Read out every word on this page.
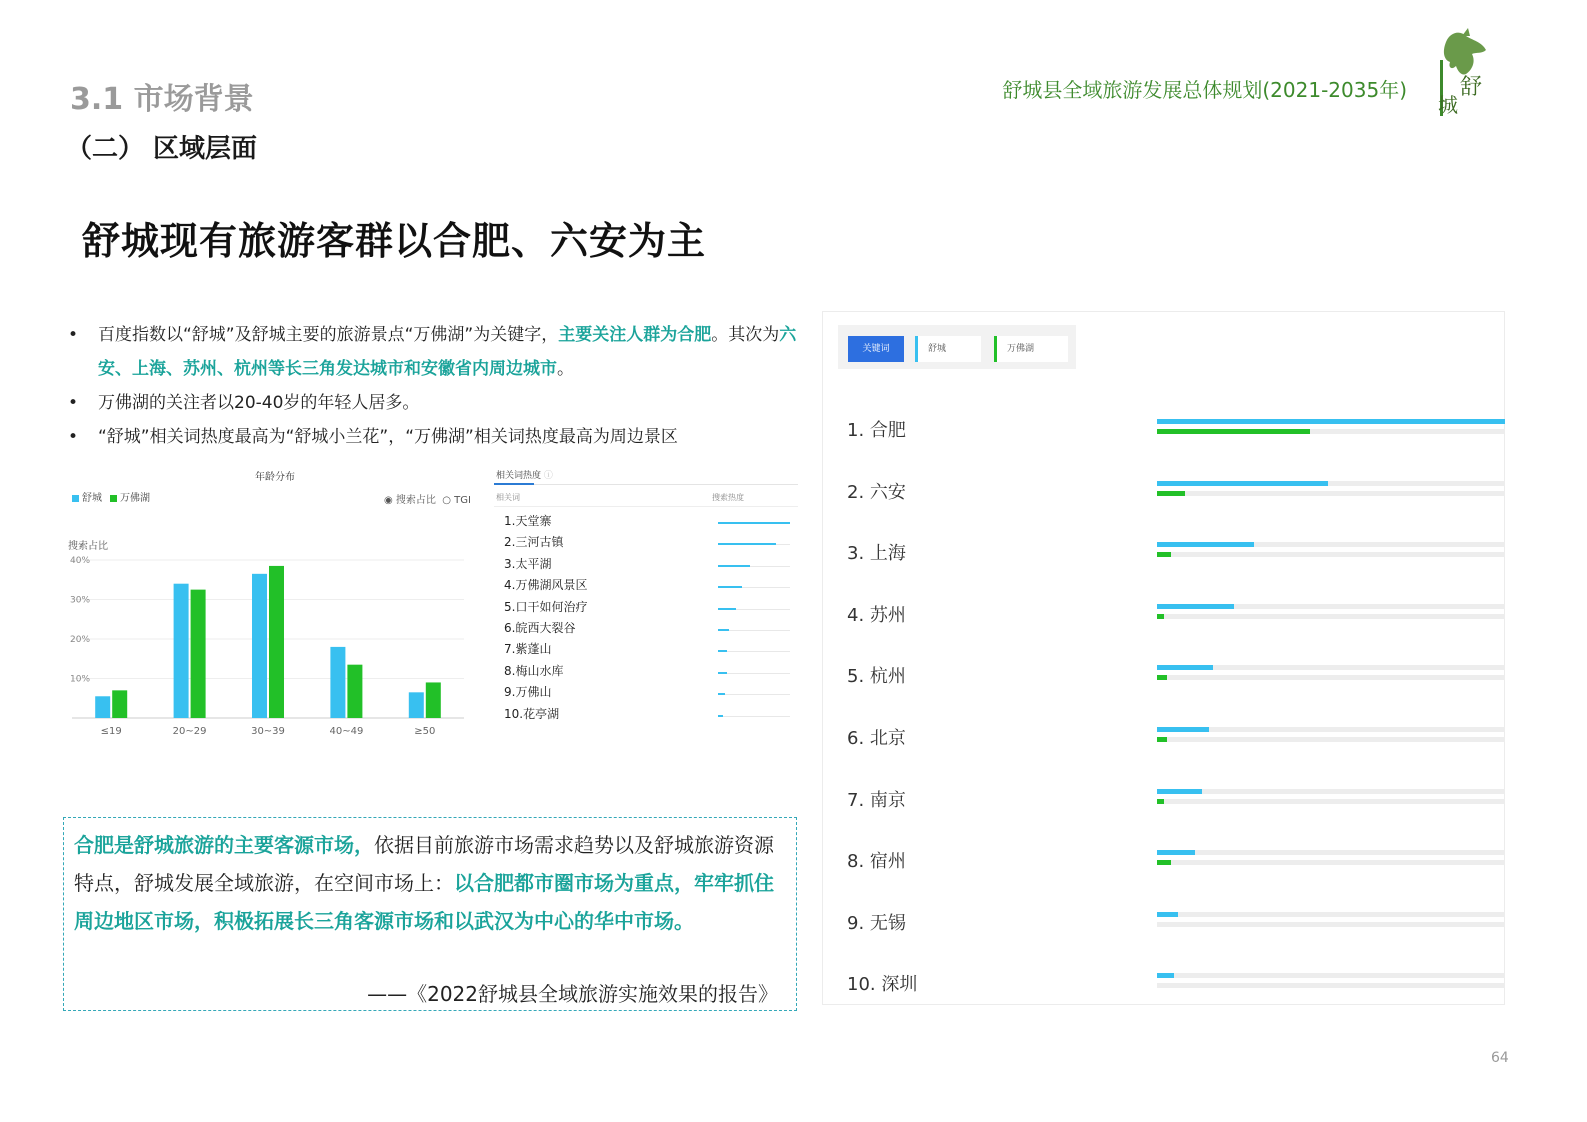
3.1 市场背景
（二） 区域层面
舒城县全域旅游发展总体规划(2021-2035年) 舒
城
舒城现有旅游客群以合肥、六安为主
• 百度指数以“舒城”及舒城主要的旅游景点“万佛湖”为关键字，主要关注人群为合肥。其次为六安、上海、苏州、杭州等长三角发达城市和安徽省内周边城市。
• 万佛湖的关注者以20-40岁的年轻人居多。
• “舒城”相关词热度最高为“舒城小兰花”，“万佛湖”相关词热度最高为周边景区
年龄分布
舒城	万佛湖	◉ 搜索占比 ○ TGI
搜索占比
10%
20%
30%
40%
≤19	20~29	30~39	40~49	≥50
相关词热度 ⓘ
相关词	搜索热度
1.天堂寨
2.三河古镇
3.太平湖
4.万佛湖风景区
5.口干如何治疗
6.皖西大裂谷
7.紫蓬山
8.梅山水库
9.万佛山
10.花亭湖
合肥是舒城旅游的主要客源市场，依据目前旅游市场需求趋势以及舒城旅游资源特点，舒城发展全域旅游，在空间市场上：以合肥都市圈市场为重点，牢牢抓住周边地区市场，积极拓展长三角客源市场和以武汉为中心的华中市场。
——《2022舒城县全域旅游实施效果的报告》
关键词	舒城	万佛湖
1. 合肥
2. 六安
3. 上海
4. 苏州
5. 杭州
6. 北京
7. 南京
8. 宿州
9. 无锡
10. 深圳
64
